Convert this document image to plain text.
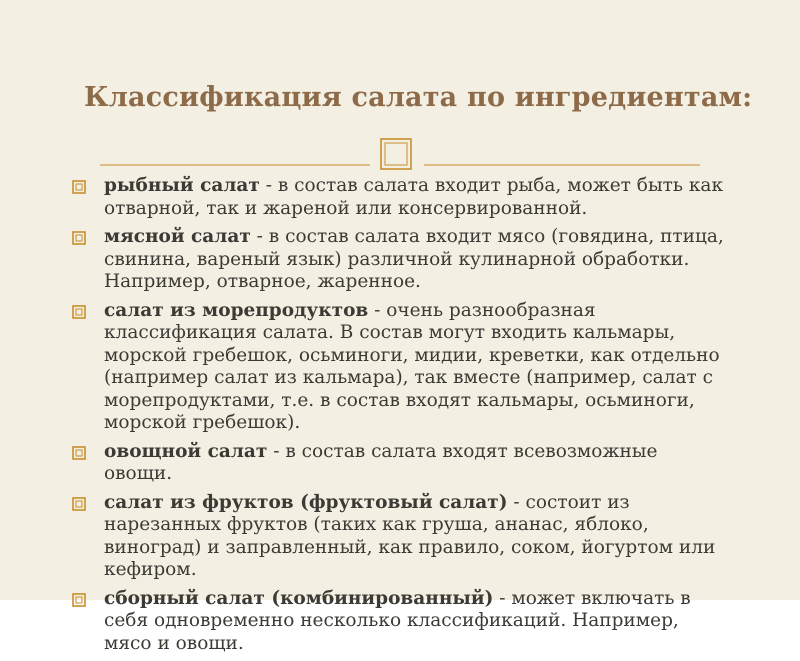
Классификация салата по ингредиентам:
рыбный салат - в состав салата входит рыба, может быть как отварной, так и жареной или консервированной.
мясной салат - в состав салата входит мясо (говядина, птица, свинина, вареный язык) различной кулинарной обработки. Например, отварное, жаренное.
салат из морепродуктов - очень разнообразная классификация салата. В состав могут входить кальмары, морской гребешок, осьминоги, мидии, креветки, как отдельно (например салат из кальмара), так вместе (например, салат с морепродуктами, т.е. в состав входят кальмары, осьминоги, морской гребешок).
овощной салат - в состав салата входят всевозможные овощи.
салат из фруктов (фруктовый салат) - состоит из нарезанных фруктов (таких как груша, ананас, яблоко, виноград) и заправленный, как правило, соком, йогуртом или кефиром.
сборный салат (комбинированный) - может включать в себя одновременно несколько классификаций. Например, мясо и овощи.
